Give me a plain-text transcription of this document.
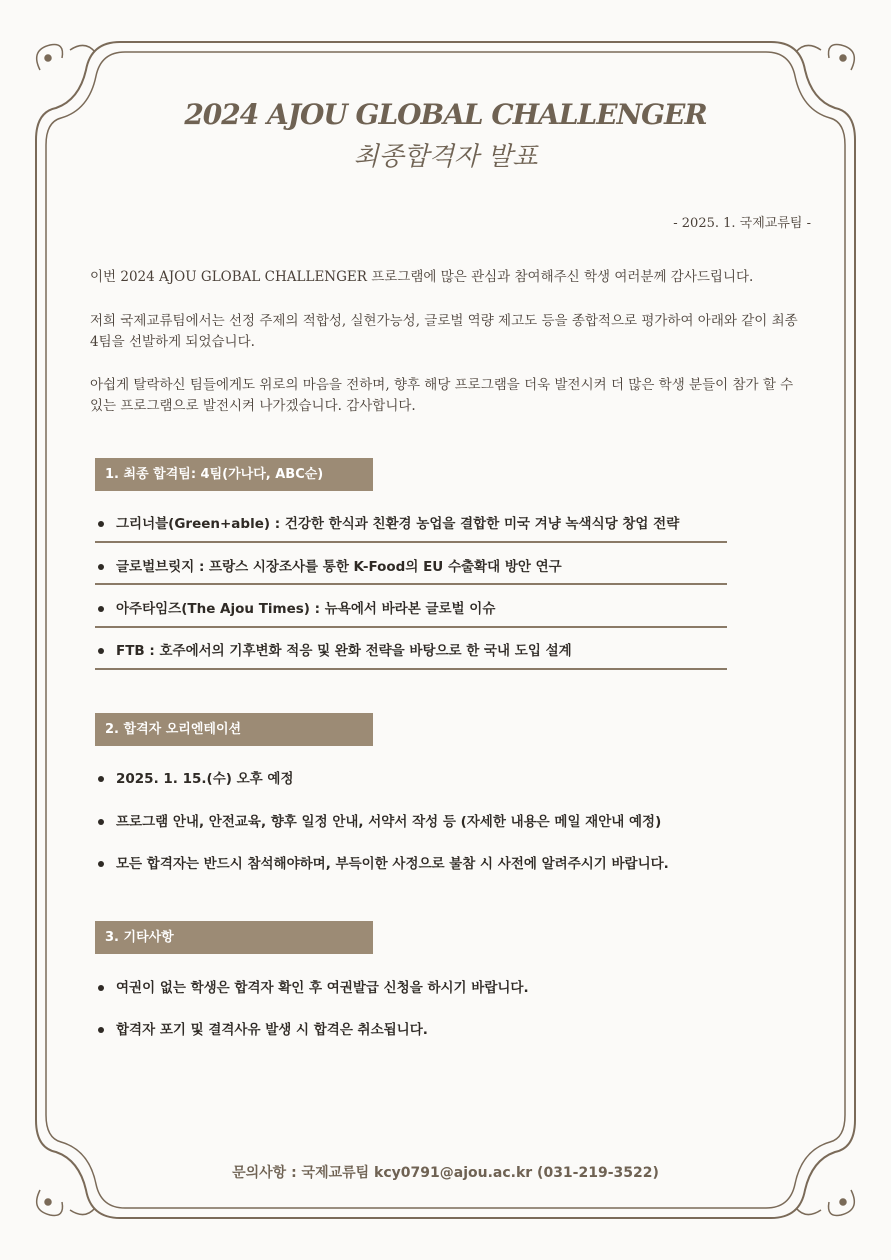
2024 AJOU GLOBAL CHALLENGER
최종합격자 발표
- 2025. 1. 국제교류팀 -
이번 2024 AJOU GLOBAL CHALLENGER 프로그램에 많은 관심과 참여해주신 학생 여러분께 감사드립니다.
저희 국제교류팀에서는 선정 주제의 적합성, 실현가능성, 글로벌 역량 제고도 등을 종합적으로 평가하여 아래와 같이 최종 4팀을 선발하게 되었습니다.
아쉽게 탈락하신 팀들에게도 위로의 마음을 전하며, 향후 해당 프로그램을 더욱 발전시켜 더 많은 학생 분들이 참가 할 수 있는 프로그램으로 발전시켜 나가겠습니다. 감사합니다.
1. 최종 합격팀: 4팀(가나다, ABC순)
그리너블(Green+able) : 건강한 한식과 친환경 농업을 결합한 미국 겨냥 녹색식당 창업 전략
글로벌브릿지 : 프랑스 시장조사를 통한 K-Food의 EU 수출확대 방안 연구
아주타임즈(The Ajou Times) : 뉴욕에서 바라본 글로벌 이슈
FTB : 호주에서의 기후변화 적응 및 완화 전략을 바탕으로 한 국내 도입 설계
2. 합격자 오리엔테이션
2025. 1. 15.(수) 오후 예정
프로그램 안내, 안전교육, 향후 일정 안내, 서약서 작성 등 (자세한 내용은 메일 재안내 예정)
모든 합격자는 반드시 참석해야하며, 부득이한 사정으로 불참 시 사전에 알려주시기 바랍니다.
3. 기타사항
여권이 없는 학생은 합격자 확인 후 여권발급 신청을 하시기 바랍니다.
합격자 포기 및 결격사유 발생 시 합격은 취소됩니다.
문의사항 : 국제교류팀 kcy0791@ajou.ac.kr (031-219-3522)
